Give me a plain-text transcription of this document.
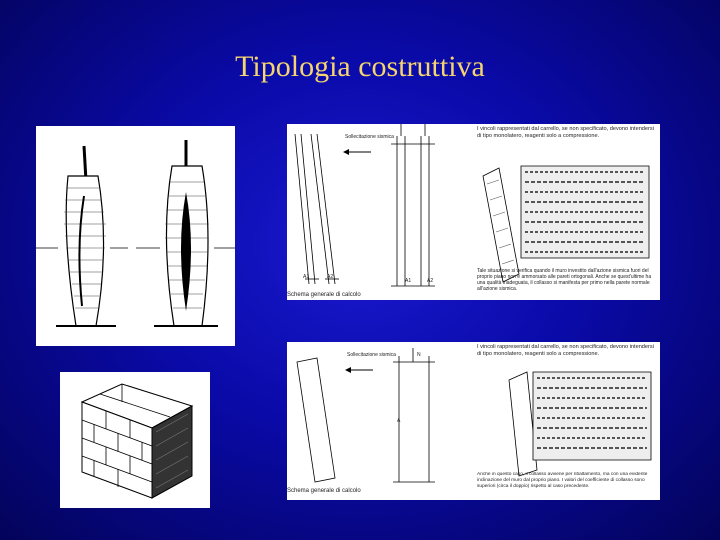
Tipologia costruttiva
A1	A2
Sollecitazione sismica
Schema generale di calcolo
A1	A2
I vincoli rappresentati dal carrello, se non specificato, devono intendersi di tipo monolatero, reagenti solo a compressione.
Tale situazione si verifica quando il muro investito dall'azione sismica fuori del proprio piano non è ammorsato alle pareti ortogonali. Anche se quest'ultime ha una qualità inadeguata, il collasso si manifesta per primo nella parete normale all'azione sismica.
Sollecitazione sismica
A
N
Schema generale di calcolo
I vincoli rappresentati dal carrello, se non specificato, devono intendersi di tipo monolatero, reagenti solo a compressione.
Anche in questo caso, il collasso avviene per ribaltamento, ma con una evidente inclinazione del muro dal proprio piano. I valori del coefficiente di collasso sono superiori (circa il doppio) rispetto al caso precedente.
